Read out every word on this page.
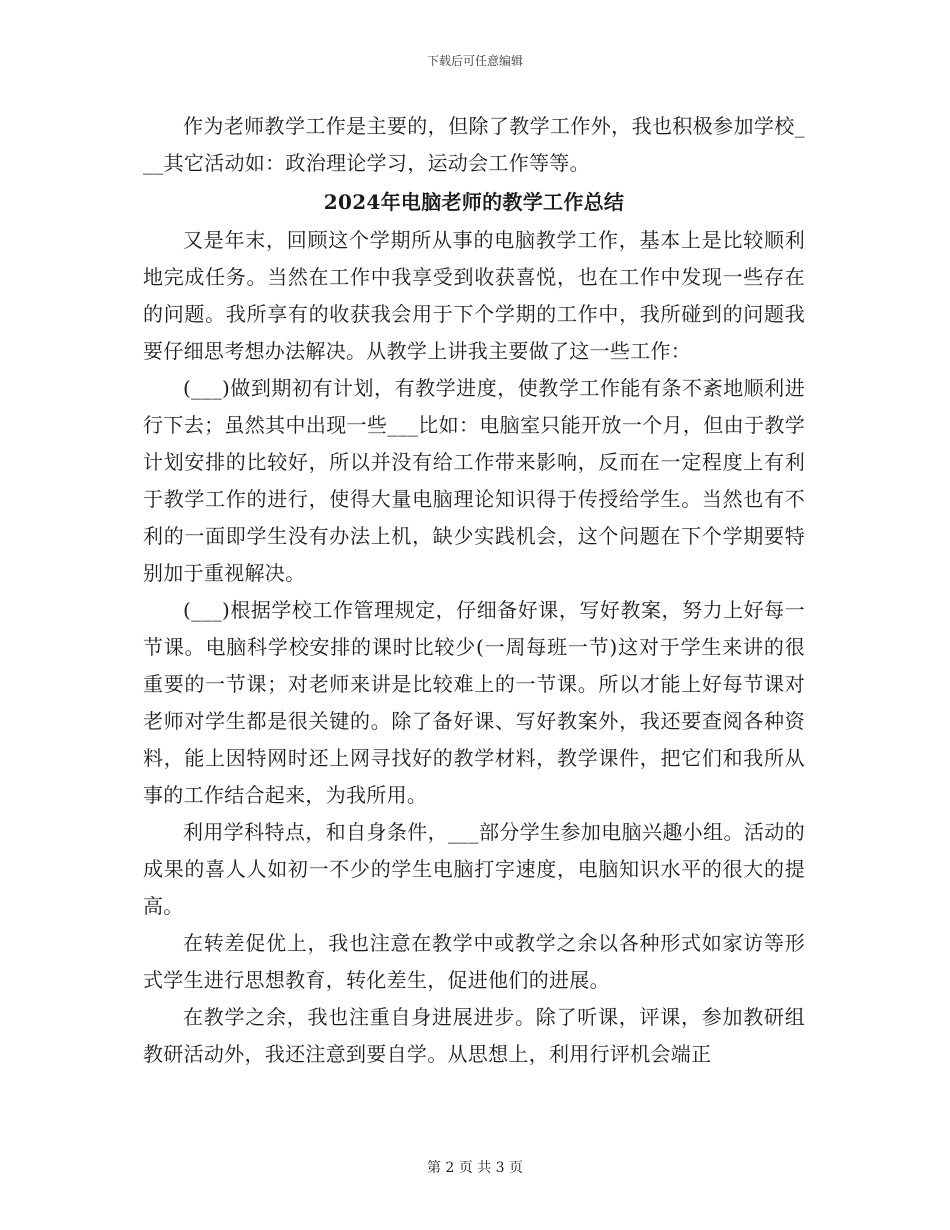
下载后可任意编辑

作为老师教学工作是主要的，但除了教学工作外，我也积极参加学校___其它活动如：政治理论学习，运动会工作等等。

2024年电脑老师的教学工作总结

又是年末，回顾这个学期所从事的电脑教学工作，基本上是比较顺利地完成任务。当然在工作中我享受到收获喜悦，也在工作中发现一些存在的问题。我所享有的收获我会用于下个学期的工作中，我所碰到的问题我要仔细思考想办法解决。从教学上讲我主要做了这一些工作：

(___)做到期初有计划，有教学进度，使教学工作能有条不紊地顺利进行下去；虽然其中出现一些___比如：电脑室只能开放一个月，但由于教学计划安排的比较好，所以并没有给工作带来影响，反而在一定程度上有利于教学工作的进行，使得大量电脑理论知识得于传授给学生。当然也有不利的一面即学生没有办法上机，缺少实践机会，这个问题在下个学期要特别加于重视解决。

(___)根据学校工作管理规定，仔细备好课，写好教案，努力上好每一节课。电脑科学校安排的课时比较少(一周每班一节)这对于学生来讲的很重要的一节课；对老师来讲是比较难上的一节课。所以才能上好每节课对老师对学生都是很关键的。除了备好课、写好教案外，我还要查阅各种资料，能上因特网时还上网寻找好的教学材料，教学课件，把它们和我所从事的工作结合起来，为我所用。

利用学科特点，和自身条件，___部分学生参加电脑兴趣小组。活动的成果的喜人人如初一不少的学生电脑打字速度，电脑知识水平的很大的提高。

在转差促优上，我也注意在教学中或教学之余以各种形式如家访等形式学生进行思想教育，转化差生，促进他们的进展。

在教学之余，我也注重自身进展进步。除了听课，评课，参加教研组教研活动外，我还注意到要自学。从思想上，利用行评机会端正

第 2 页 共 3 页
